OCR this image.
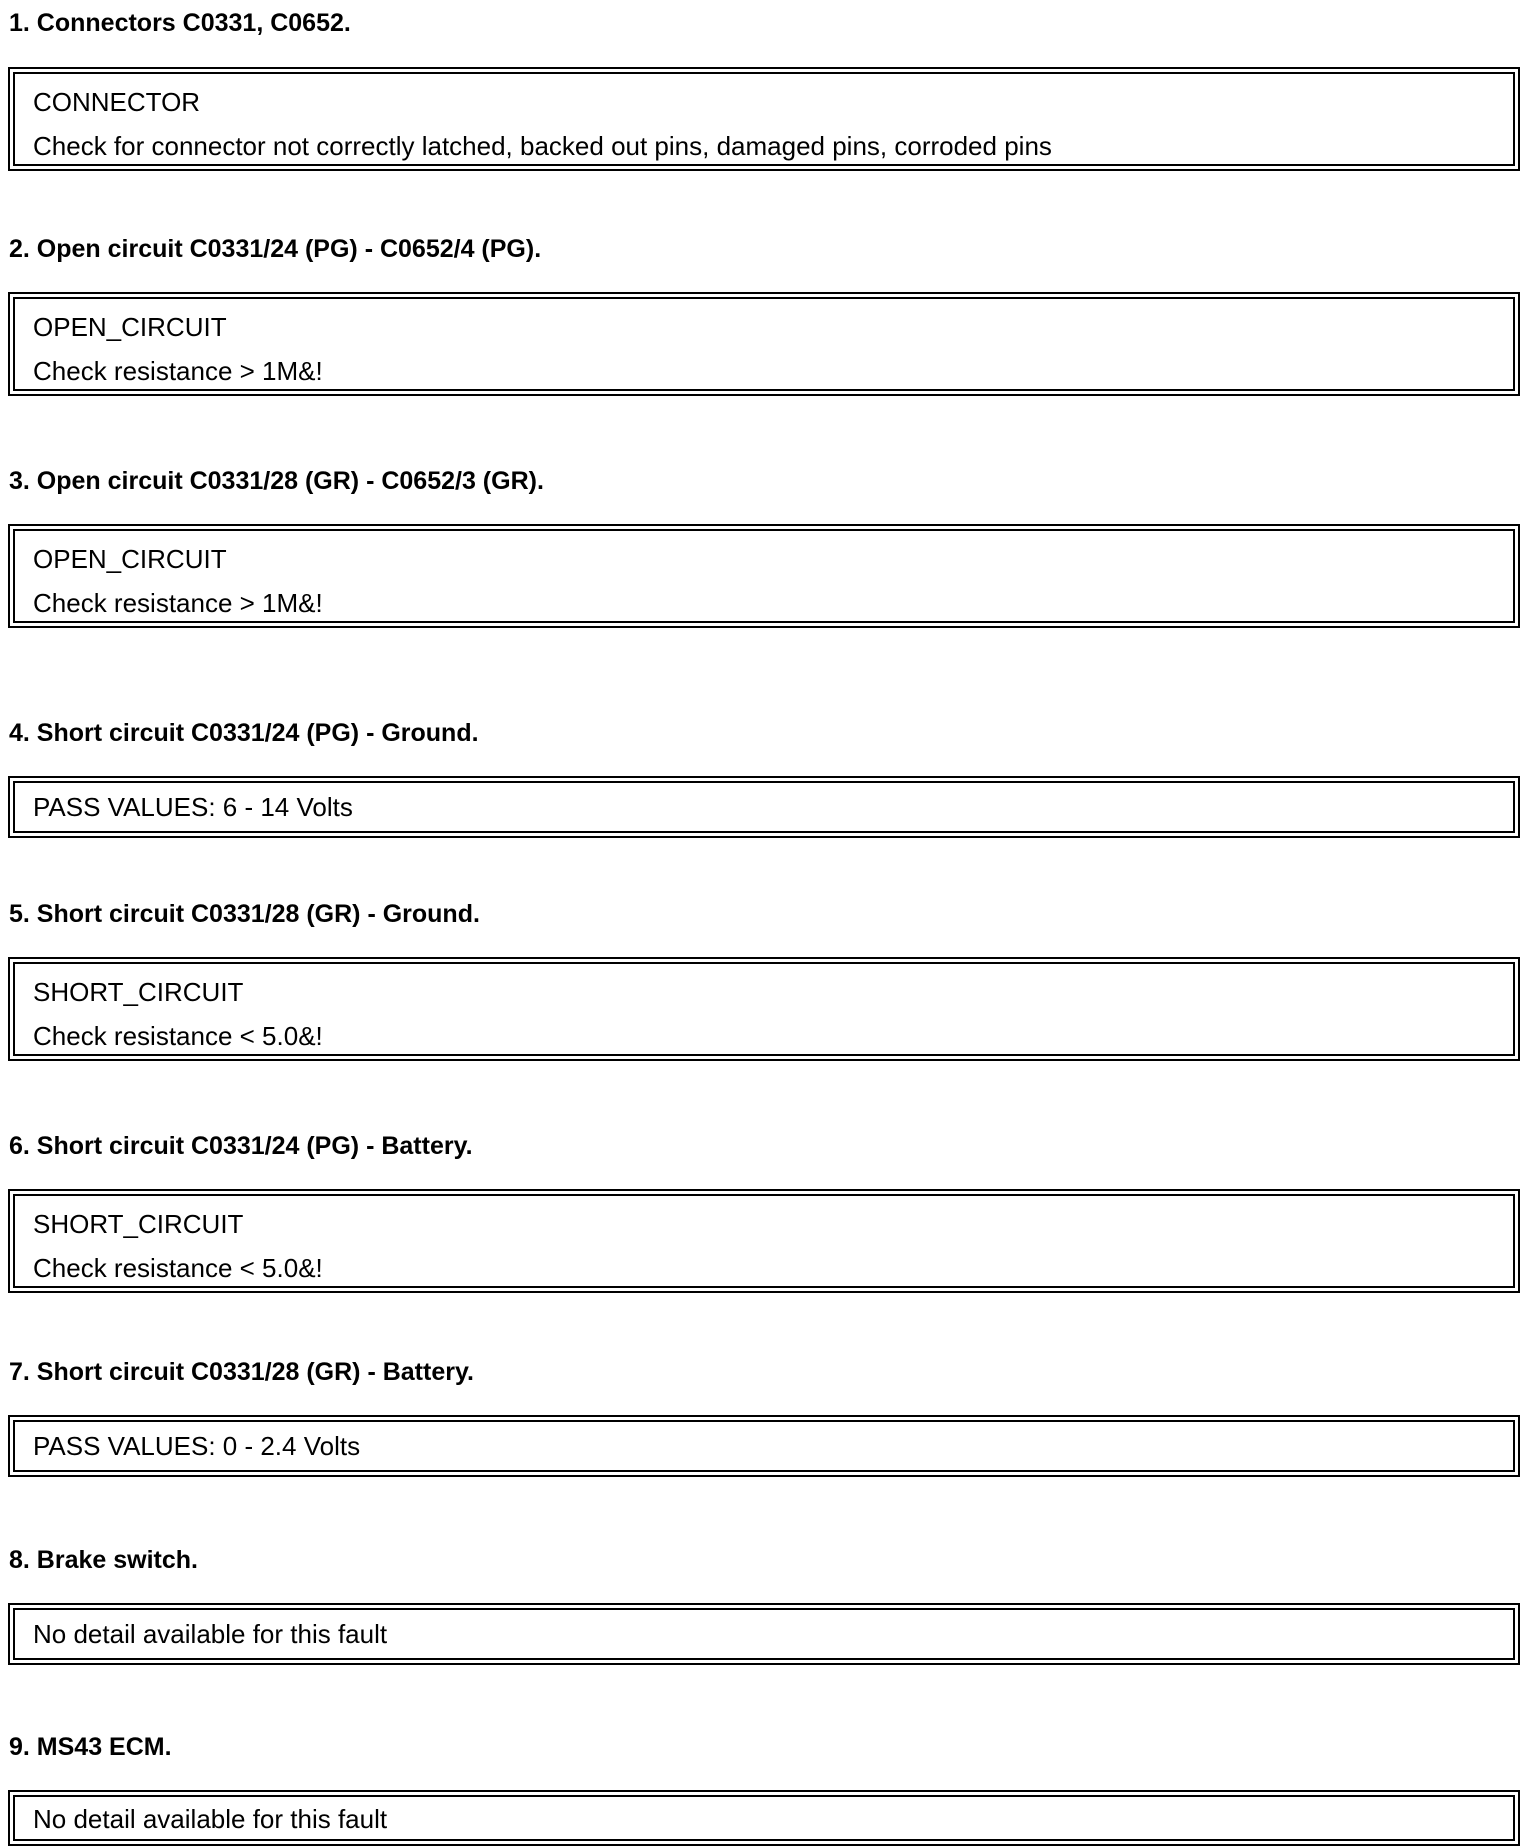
1. Connectors C0331, C0652.
CONNECTOR
Check for connector not correctly latched, backed out pins, damaged pins, corroded pins
2. Open circuit C0331/24 (PG) - C0652/4 (PG).
OPEN_CIRCUIT
Check resistance > 1M&!
3. Open circuit C0331/28 (GR) - C0652/3 (GR).
OPEN_CIRCUIT
Check resistance > 1M&!
4. Short circuit C0331/24 (PG) - Ground.
PASS VALUES: 6 - 14 Volts
5. Short circuit C0331/28 (GR) - Ground.
SHORT_CIRCUIT
Check resistance < 5.0&!
6. Short circuit C0331/24 (PG) - Battery.
SHORT_CIRCUIT
Check resistance < 5.0&!
7. Short circuit C0331/28 (GR) - Battery.
PASS VALUES: 0 - 2.4 Volts
8. Brake switch.
No detail available for this fault
9. MS43 ECM.
No detail available for this fault
